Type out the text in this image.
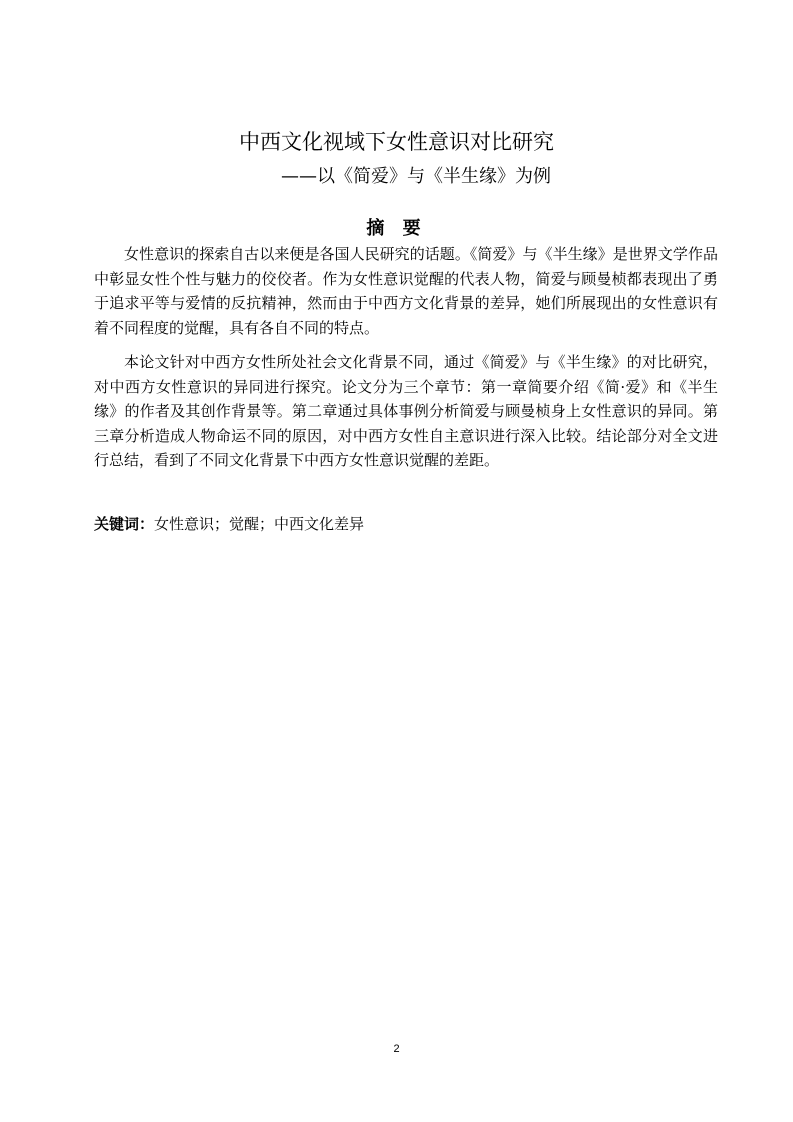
中西文化视域下女性意识对比研究
——以《简爱》与《半生缘》为例
摘 要

女性意识的探索自古以来便是各国人民研究的话题。《简爱》与《半生缘》是世界文学作品中彰显女性个性与魅力的佼佼者。作为女性意识觉醒的代表人物，简爱与顾曼桢都表现出了勇于追求平等与爱情的反抗精神，然而由于中西方文化背景的差异，她们所展现出的女性意识有着不同程度的觉醒，具有各自不同的特点。

本论文针对中西方女性所处社会文化背景不同，通过《简爱》与《半生缘》的对比研究，对中西方女性意识的异同进行探究。论文分为三个章节：第一章简要介绍《简·爱》和《半生缘》的作者及其创作背景等。第二章通过具体事例分析简爱与顾曼桢身上女性意识的异同。第三章分析造成人物命运不同的原因，对中西方女性自主意识进行深入比较。结论部分对全文进行总结，看到了不同文化背景下中西方女性意识觉醒的差距。

关键词：女性意识；觉醒；中西文化差异
2
